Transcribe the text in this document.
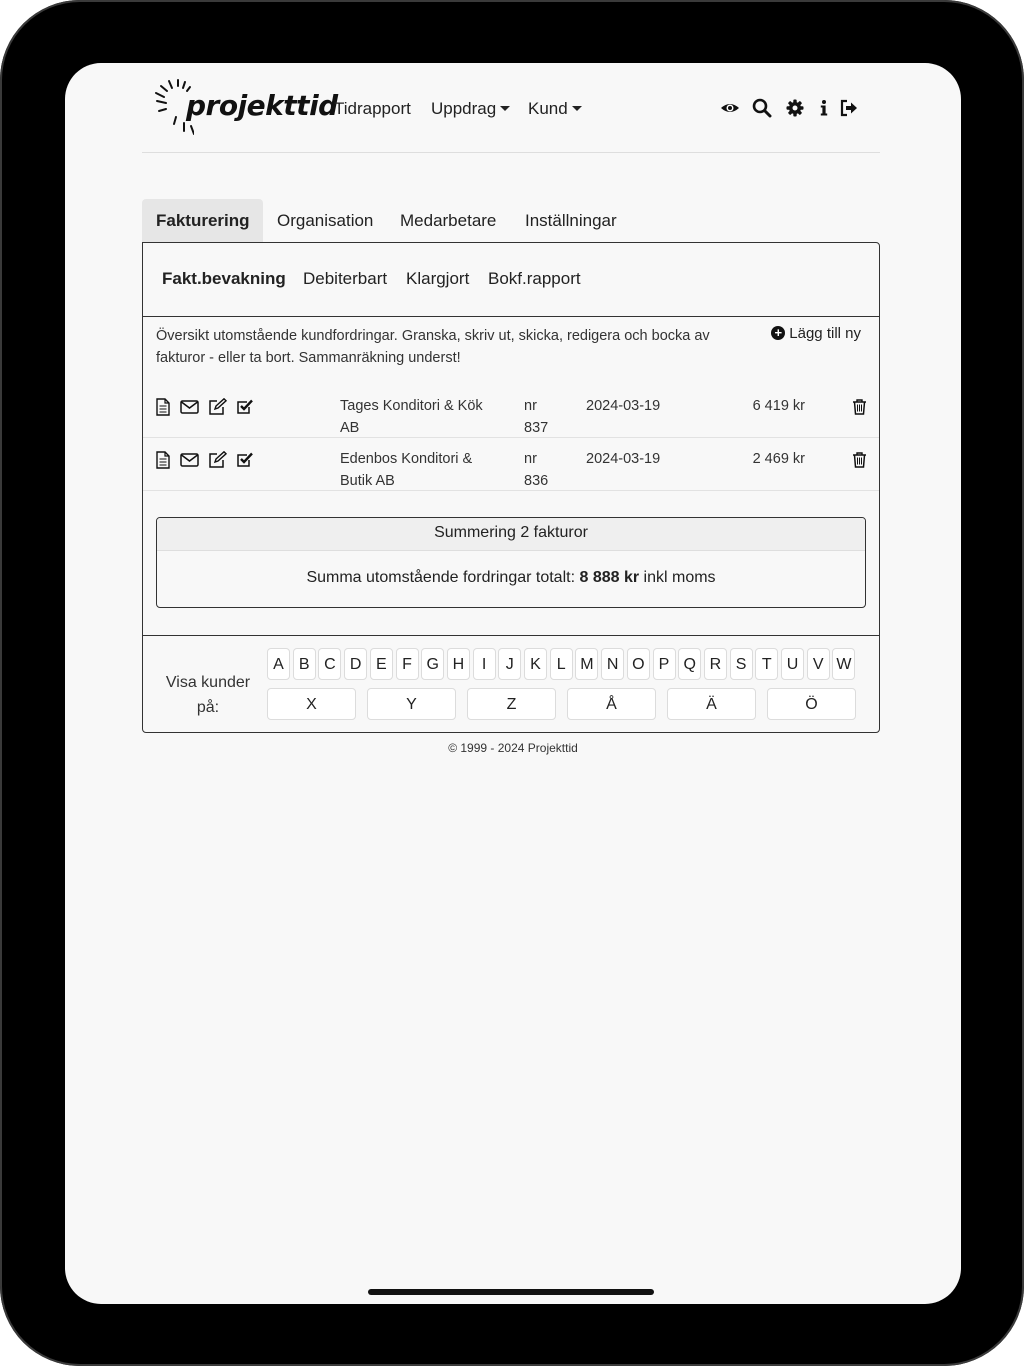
projekttid
Tidrapport Uppdrag	Kund
Fakturering	Organisation	Medarbetare	Inställningar
Fakt.bevakning Debiterbart Klargjort Bokf.rapport
Översikt utomstående kundfordringar. Granska, skriv ut, skicka, redigera och bocka av fakturor - eller ta bort. Sammanräkning underst!
+ Lägg till ny

Tages Konditori & Kök AB
nr
837
2024-03-19	6 419 kr

Edenbos Konditori & Butik AB
nr
836
2024-03-19	2 469 kr
Summering 2 fakturor
Summa utomstående fordringar totalt: 8 888 kr inkl moms
Visa kunder på:
A B C D E F G H	I	J	K L M N O P Q R S T U V W
X	Y	Z	Å	Ä	Ö
© 1999 - 2024 Projekttid
